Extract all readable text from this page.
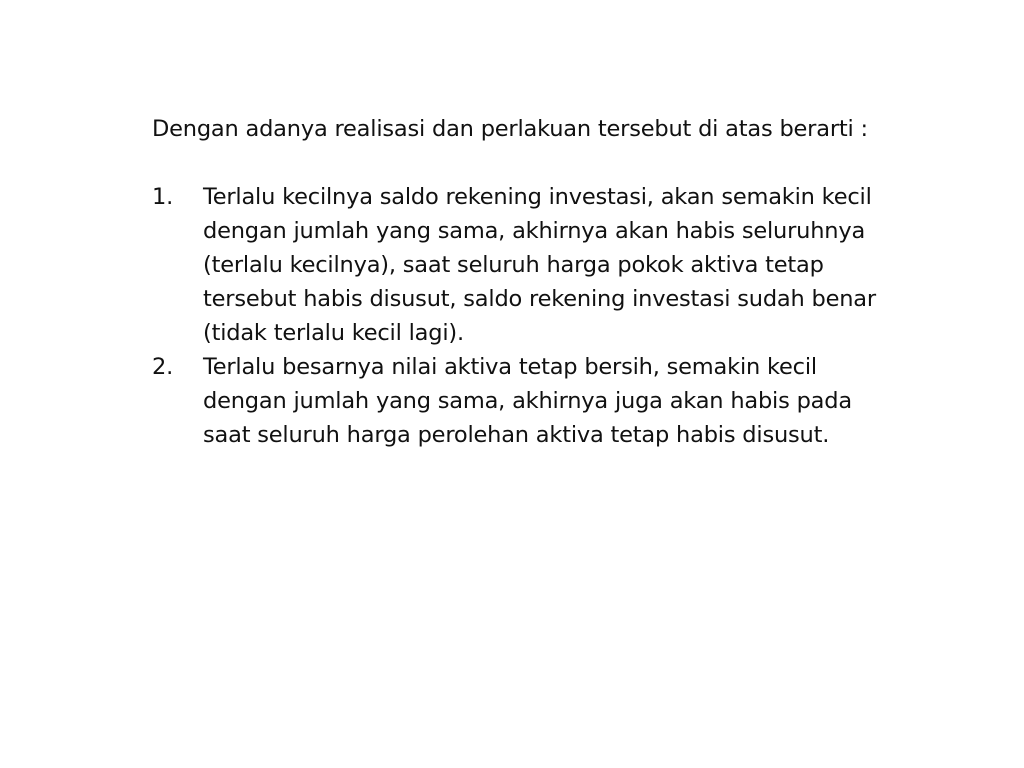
Dengan adanya realisasi dan perlakuan tersebut di atas berarti :

1. Terlalu kecilnya saldo rekening investasi, akan semakin kecil
dengan jumlah yang sama, akhirnya akan habis seluruhnya
(terlalu kecilnya), saat seluruh harga pokok aktiva tetap
tersebut habis disusut, saldo rekening investasi sudah benar
(tidak terlalu kecil lagi).
2. Terlalu besarnya nilai aktiva tetap bersih, semakin kecil
dengan jumlah yang sama, akhirnya juga akan habis pada
saat seluruh harga perolehan aktiva tetap habis disusut.
